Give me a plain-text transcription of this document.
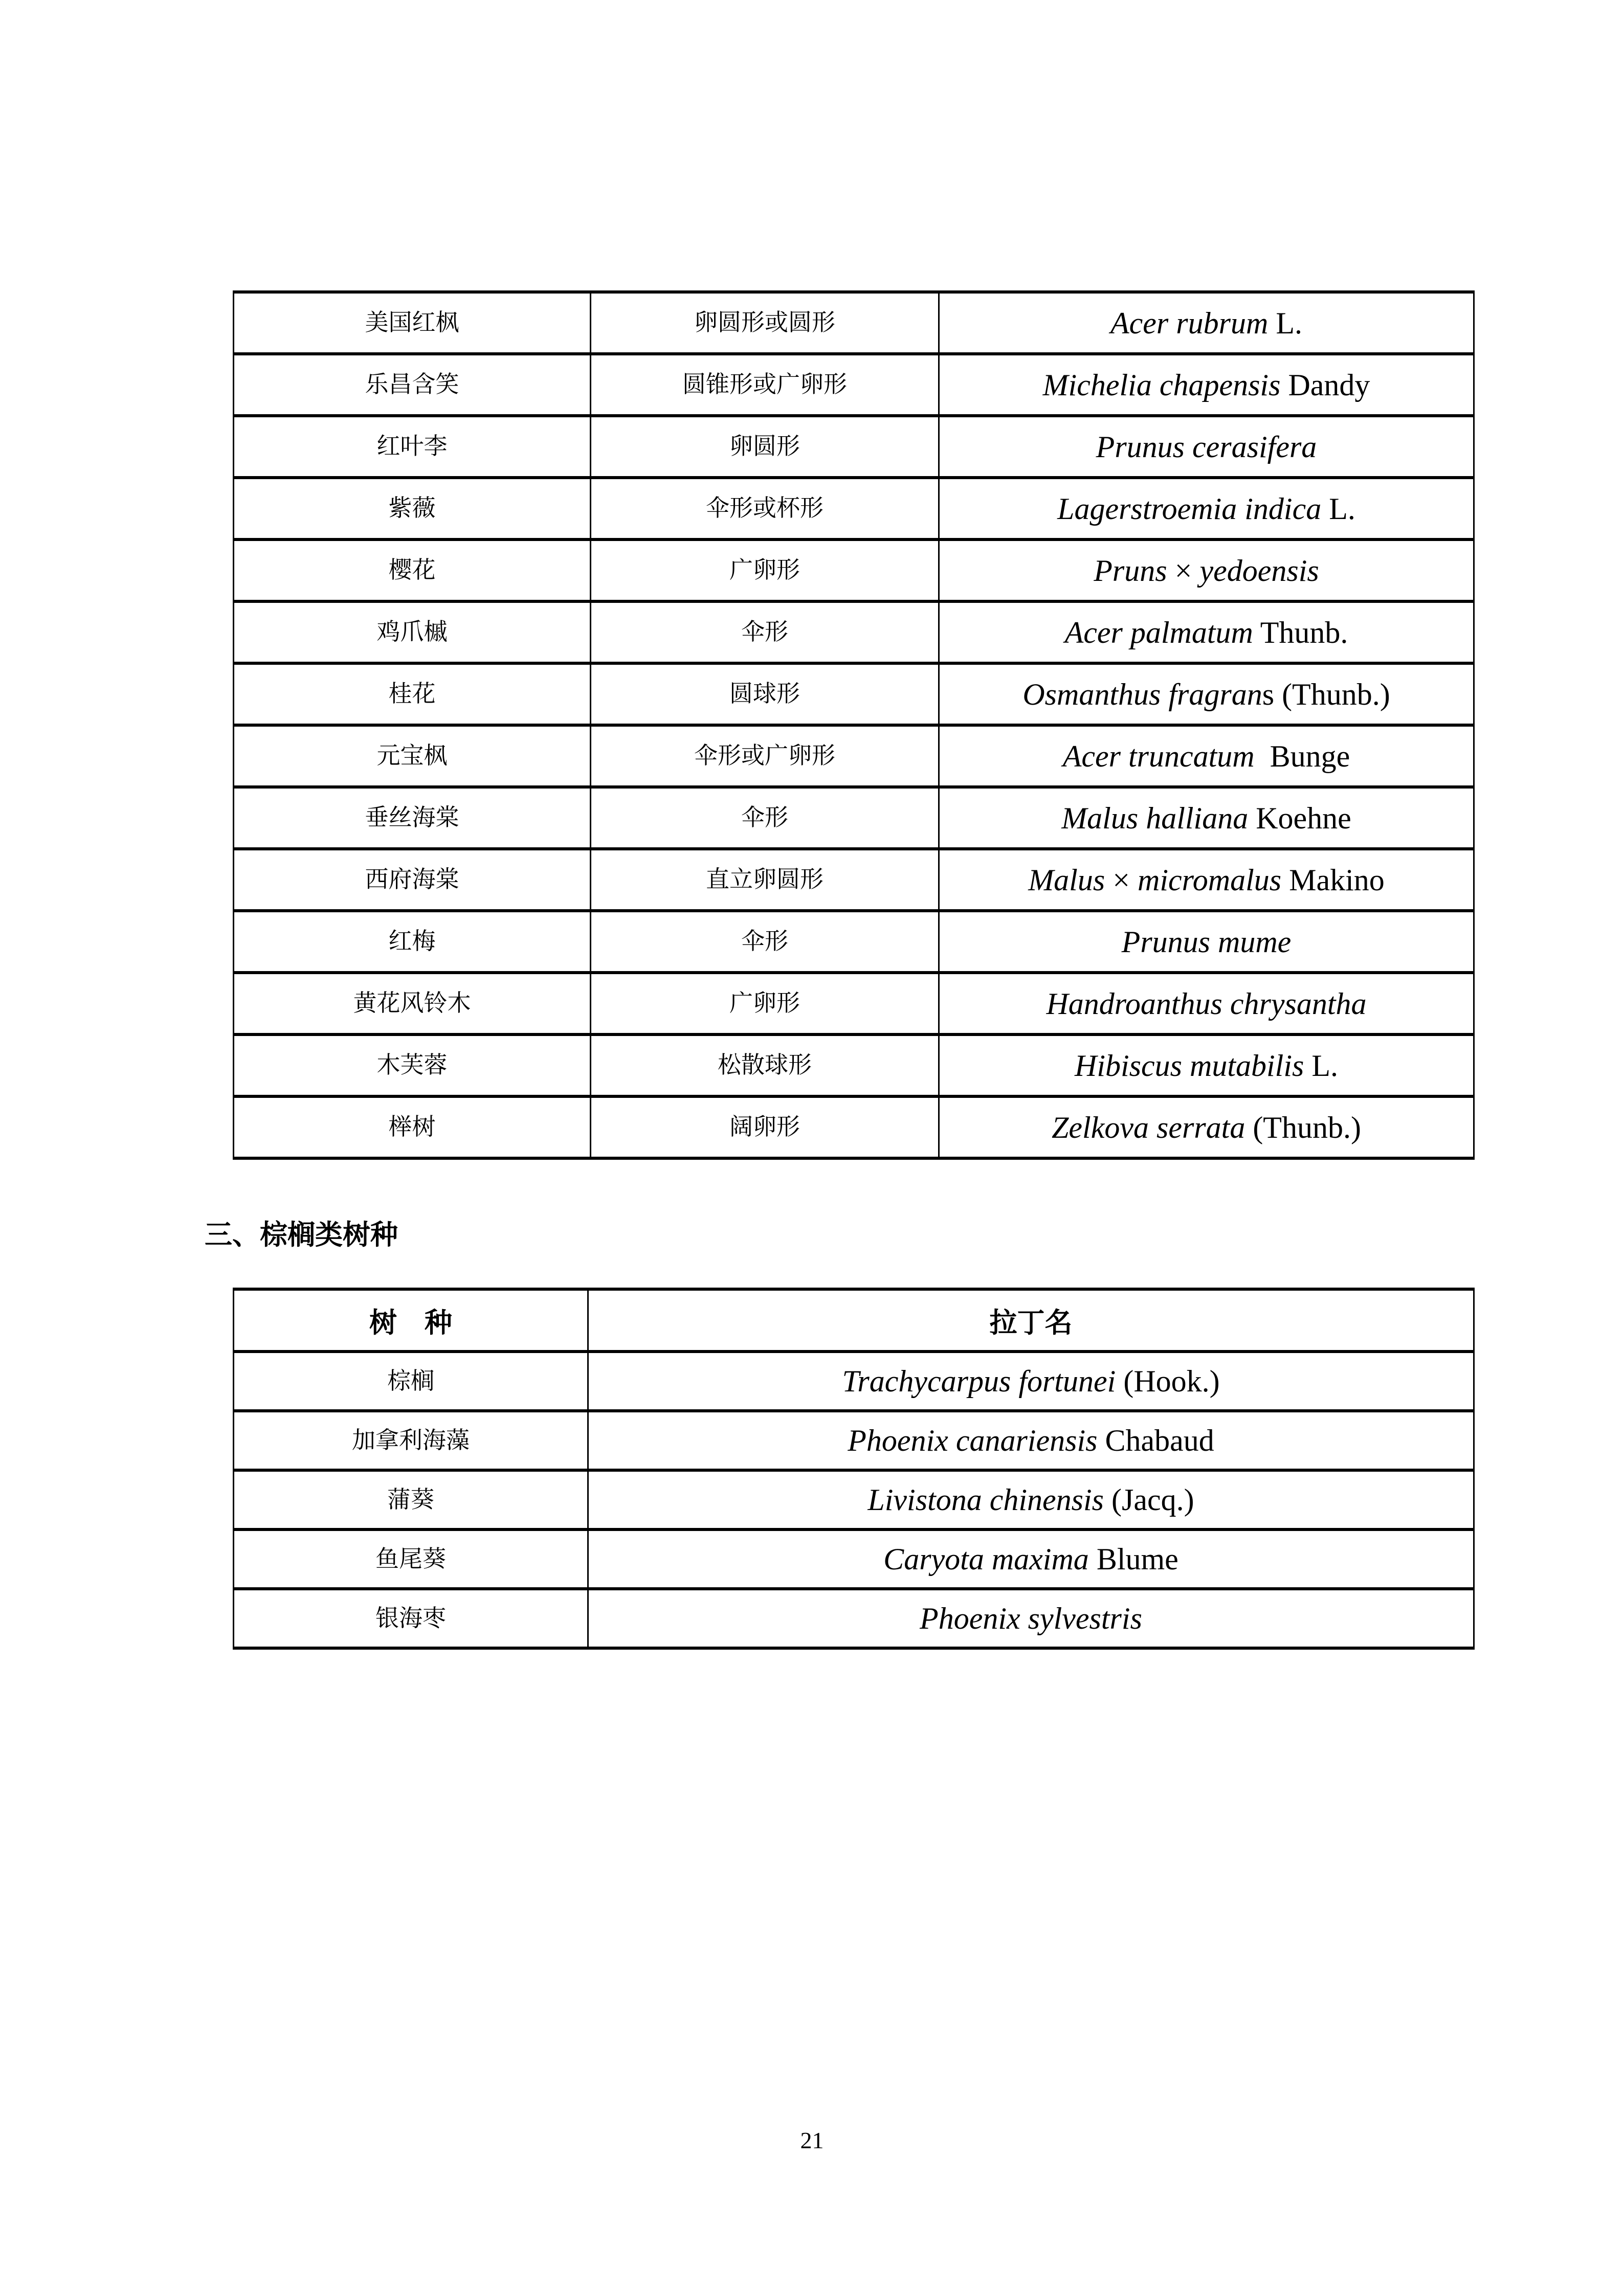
美国红枫	卵圆形或圆形	Acer rubrum L.
乐昌含笑	圆锥形或广卵形	Michelia chapensis Dandy
红叶李	卵圆形	Prunus cerasifera
紫薇	伞形或杯形	Lagerstroemia indica L.
樱花	广卵形	Pruns × yedoensis
鸡爪槭	伞形	Acer palmatum Thunb.
桂花	圆球形	Osmanthus fragrans (Thunb.)
元宝枫	伞形或广卵形	Acer truncatum  Bunge
垂丝海棠	伞形	Malus halliana Koehne
西府海棠	直立卵圆形	Malus × micromalus Makino
红梅	伞形	Prunus mume
黄花风铃木	广卵形	Handroanthus chrysantha
木芙蓉	松散球形	Hibiscus mutabilis L.
榉树	阔卵形	Zelkova serrata (Thunb.)
三、棕榈类树种
树　种	拉丁名
棕榈	Trachycarpus fortunei (Hook.)
加拿利海藻	Phoenix canariensis Chabaud
蒲葵	Livistona chinensis (Jacq.)
鱼尾葵	Caryota maxima Blume
银海枣	Phoenix sylvestris
21
